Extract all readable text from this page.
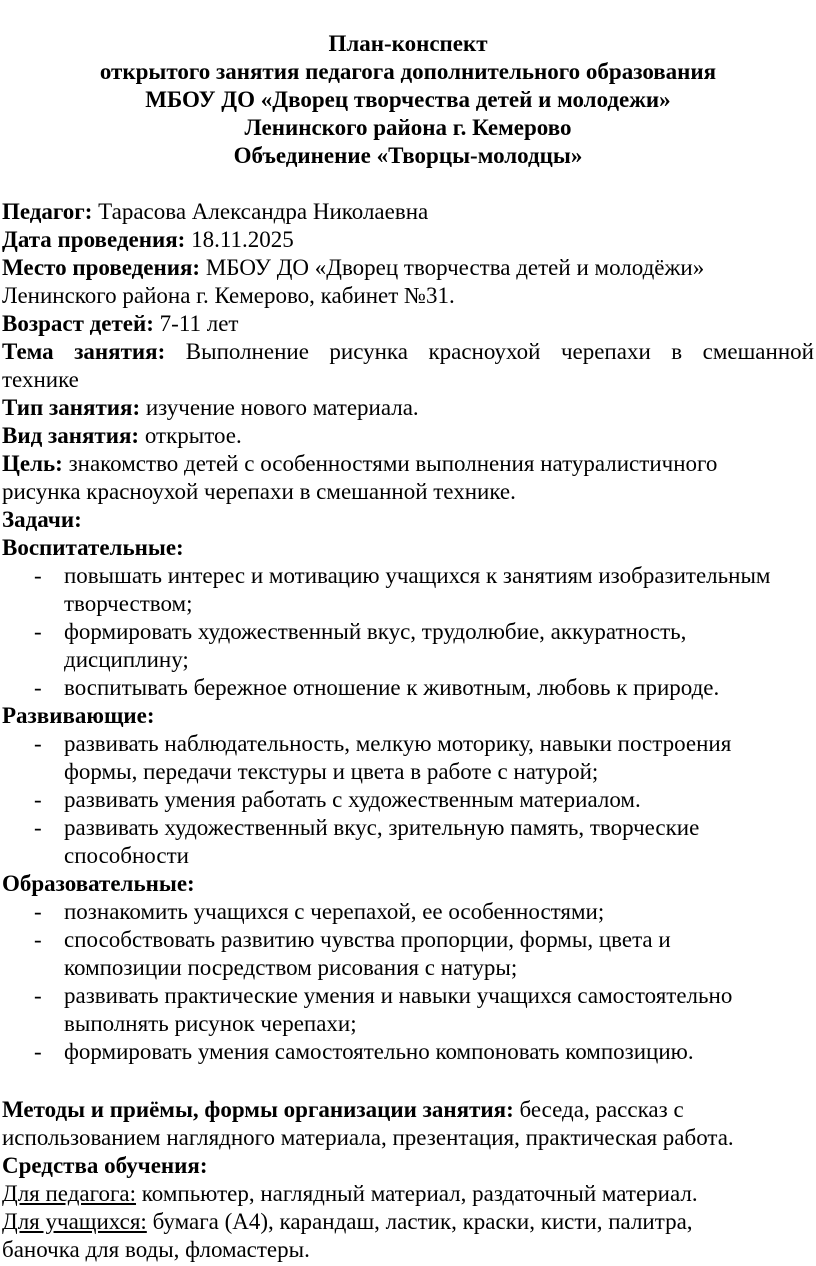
План-конспект
открытого занятия педагога дополнительного образования
МБОУ ДО «Дворец творчества детей и молодежи»
Ленинского района г. Кемерово
Объединение «Творцы-молодцы»
Педагог: Тарасова Александра Николаевна
Дата проведения: 18.11.2025
Место проведения: МБОУ ДО «Дворец творчества детей и молодёжи»
Ленинского района г. Кемерово, кабинет №31.
Возраст детей: 7-11 лет
Тема занятия: Выполнение рисунка красноухой черепахи в смешанной
технике
Тип занятия: изучение нового материала.
Вид занятия: открытое.
Цель: знакомство детей с особенностями выполнения натуралистичного
рисунка красноухой черепахи в смешанной технике.
Задачи:
Воспитательные:
- повышать интерес и мотивацию учащихся к занятиям изобразительным
творчеством;
- формировать художественный вкус, трудолюбие, аккуратность,
дисциплину;
- воспитывать бережное отношение к животным, любовь к природе.
Развивающие:
- развивать наблюдательность, мелкую моторику, навыки построения
формы, передачи текстуры и цвета в работе с натурой;
- развивать умения работать с художественным материалом.
- развивать художественный вкус, зрительную память, творческие
способности
Образовательные:
- познакомить учащихся с черепахой, ее особенностями;
- способствовать развитию чувства пропорции, формы, цвета и
композиции посредством рисования с натуры;
- развивать практические умения и навыки учащихся самостоятельно
выполнять рисунок черепахи;
- формировать умения самостоятельно компоновать композицию.
Методы и приёмы, формы организации занятия: беседа, рассказ с
использованием наглядного материала, презентация, практическая работа.
Средства обучения:
Для педагога: компьютер, наглядный материал, раздаточный материал.
Для учащихся: бумага (А4), карандаш, ластик, краски, кисти, палитра,
баночка для воды, фломастеры.
